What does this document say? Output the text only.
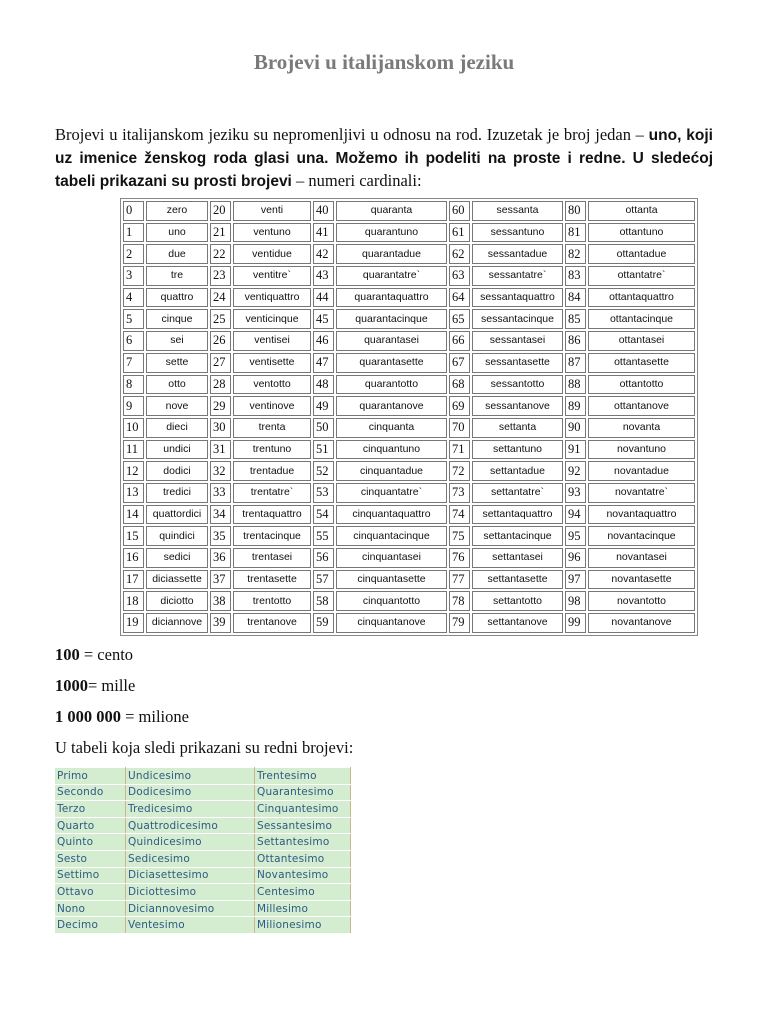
Brojevi u italijanskom jeziku
Brojevi u italijanskom jeziku su nepromenljivi u odnosu na rod. Izuzetak je broj jedan – uno, koji uz imenice ženskog roda glasi una. Možemo ih podeliti na proste i redne. U sledećoj tabeli prikazani su prosti brojevi – numeri cardinali:
0	zero	20	venti	40	quaranta	60	sessanta	80	ottanta
1	uno	21	ventuno	41	quarantuno	61	sessantuno	81	ottantuno
2	due	22	ventidue	42	quarantadue	62	sessantadue	82	ottantadue
3	tre	23	ventitre`	43	quarantatre`	63	sessantatre`	83	ottantatre`
4	quattro	24	ventiquattro	44	quarantaquattro	64	sessantaquattro	84	ottantaquattro
5	cinque	25	venticinque	45	quarantacinque	65	sessantacinque	85	ottantacinque
6	sei	26	ventisei	46	quarantasei	66	sessantasei	86	ottantasei
7	sette	27	ventisette	47	quarantasette	67	sessantasette	87	ottantasette
8	otto	28	ventotto	48	quarantotto	68	sessantotto	88	ottantotto
9	nove	29	ventinove	49	quarantanove	69	sessantanove	89	ottantanove
10	dieci	30	trenta	50	cinquanta	70	settanta	90	novanta
11	undici	31	trentuno	51	cinquantuno	71	settantuno	91	novantuno
12	dodici	32	trentadue	52	cinquantadue	72	settantadue	92	novantadue
13	tredici	33	trentatre`	53	cinquantatre`	73	settantatre`	93	novantatre`
14	quattordici	34	trentaquattro	54	cinquantaquattro	74	settantaquattro	94	novantaquattro
15	quindici	35	trentacinque	55	cinquantacinque	75	settantacinque	95	novantacinque
16	sedici	36	trentasei	56	cinquantasei	76	settantasei	96	novantasei
17	diciassette	37	trentasette	57	cinquantasette	77	settantasette	97	novantasette
18	diciotto	38	trentotto	58	cinquantotto	78	settantotto	98	novantotto
19	diciannove	39	trentanove	59	cinquantanove	79	settantanove	99	novantanove
100 = cento
1000= mille
1 000 000 = milione
U tabeli koja sledi prikazani su redni brojevi:
Primo	Undicesimo	Trentesimo
Secondo	Dodicesimo	Quarantesimo
Terzo	Tredicesimo	Cinquantesimo
Quarto	Quattrodicesimo	Sessantesimo
Quinto	Quindicesimo	Settantesimo
Sesto	Sedicesimo	Ottantesimo
Settimo	Diciasettesimo	Novantesimo
Ottavo	Diciottesimo	Centesimo
Nono	Diciannovesimo	Millesimo
Decimo	Ventesimo	Milionesimo
